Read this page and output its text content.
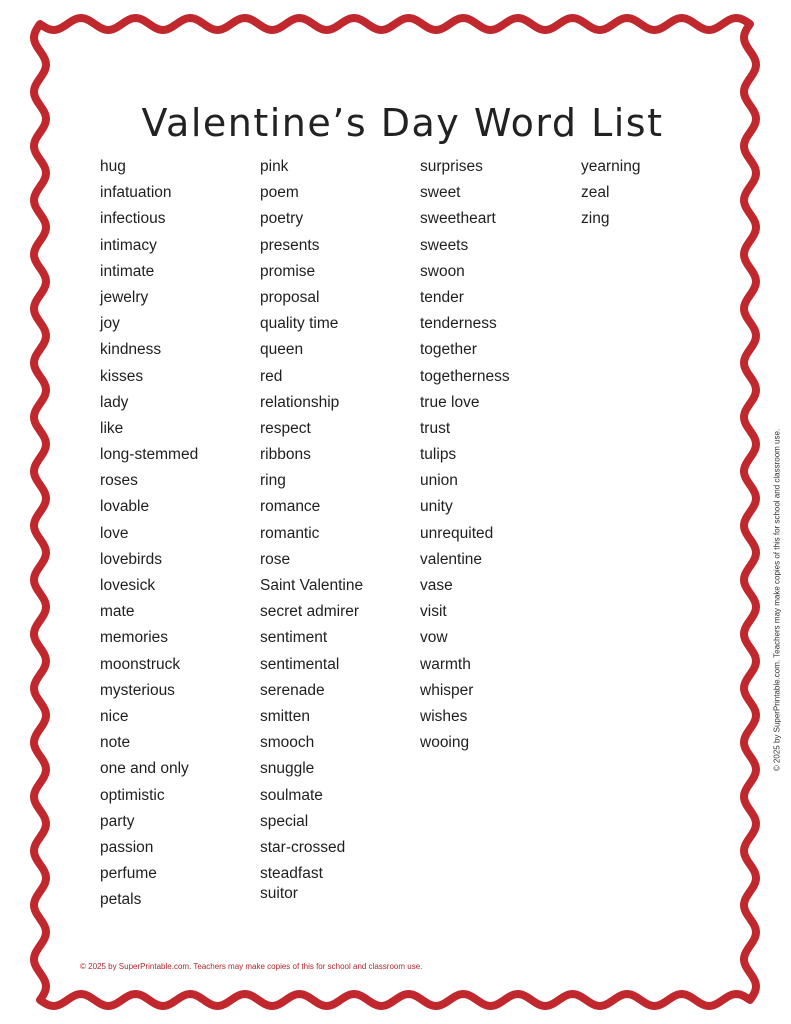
Valentine’s Day Word List
hug
infatuation
infectious
intimacy
intimate
jewelry
joy
kindness
kisses
lady
like
long-stemmed
roses
lovable
love
lovebirds
lovesick
mate
memories
moonstruck
mysterious
nice
note
one and only
optimistic
party
passion
perfume
petals
pink
poem
poetry
presents
promise
proposal
quality time
queen
red
relationship
respect
ribbons
ring
romance
romantic
rose
Saint Valentine
secret admirer
sentiment
sentimental
serenade
smitten
smooch
snuggle
soulmate
special
star-crossed
steadfast
suitor
surprises
sweet
sweetheart
sweets
swoon
tender
tenderness
together
togetherness
true love
trust
tulips
union
unity
unrequited
valentine
vase
visit
vow
warmth
whisper
wishes
wooing
yearning
zeal
zing
© 2025 by SuperPrintable.com. Teachers may make copies of this for school and classroom use.
© 2025 by SuperPrintable.com. Teachers may make copies of this for school and classroom use.
